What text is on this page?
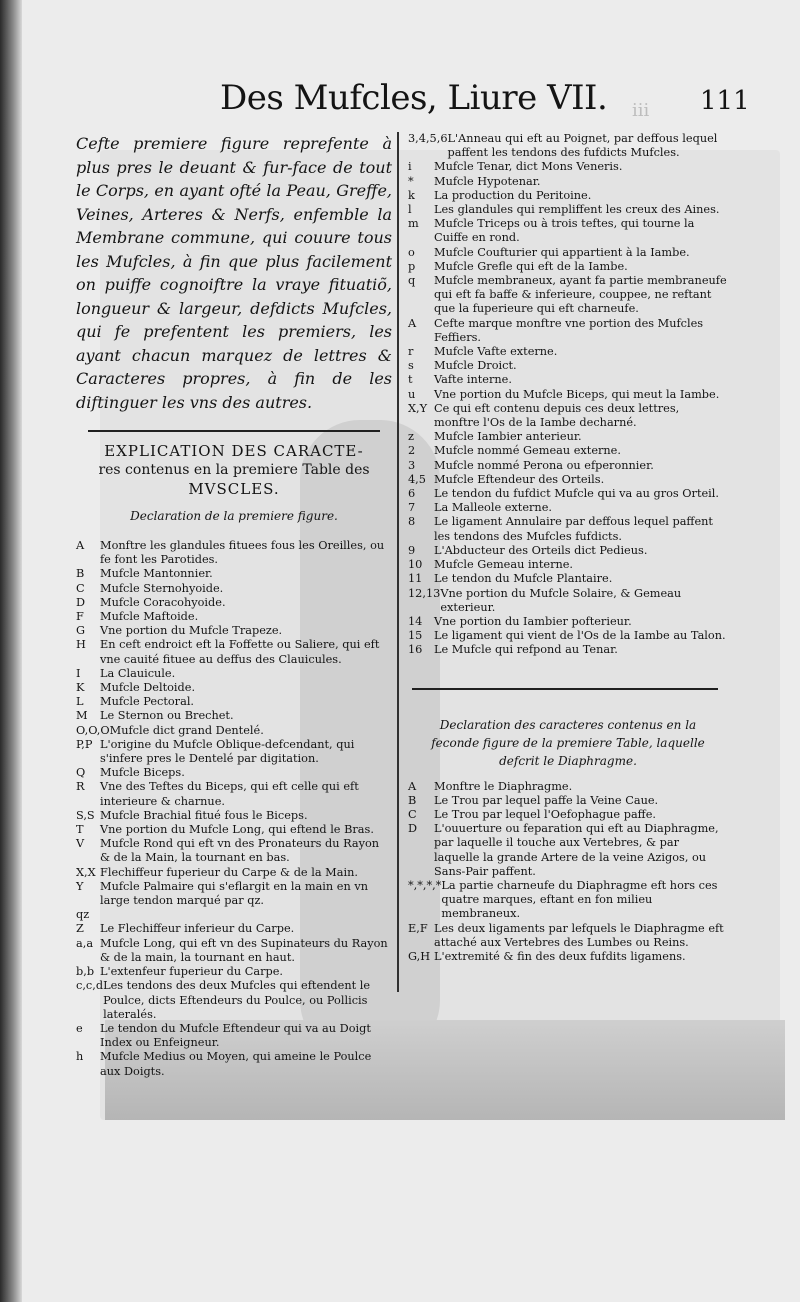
Des Mufcles, Liure VII. iii 111

Cefte premiere figure reprefente à plus pres le deuant & fur-face de tout le Corps, en ayant ofté la Peau, Greffe, Veines, Arteres & Nerfs, enfemble la Membrane commune, qui couure tous les Mufcles, à fin que plus facilement on puiffe cognoiftre la vraye fituatiõ, longueur & largeur, defdicts Mufcles, qui fe prefentent les premiers, les ayant chacun marquez de lettres & Caracteres propres, à fin de les diftinguer les vns des autres.

EXPLICATION DES CARACTE-
res contenus en la premiere Table des
MVSCLES.
Declaration de la premiere figure.
A	Monftre les glandules fituees fous les Oreilles, ou fe font les Parotides.
B	Mufcle Mantonnier.
C	Mufcle Sternohyoide.
D	Mufcle Coracohyoide.
F	Mufcle Maftoide.
G	Vne portion du Mufcle Trapeze.
H	En ceft endroict eft la Foffette ou Saliere, qui eft vne cauité fituee au deffus des Clauicules.
I	La Clauicule.
K	Mufcle Deltoide.
L	Mufcle Pectoral.
M	Le Sternon ou Brechet.
O,O,O Mufcle dict grand Dentelé.
P,P L'origine du Mufcle Oblique-defcendant, qui s'infere pres le Dentelé par digitation.
Q	Mufcle Biceps.
R	Vne des Teftes du Biceps, qui eft celle qui eft interieure & charnue.
S,S Mufcle Brachial fitué fous le Biceps.
T	Vne portion du Mufcle Long, qui eftend le Bras.
V	Mufcle Rond qui eft vn des Pronateurs du Rayon & de la Main, la tournant en bas.
X,X Flechiffeur fuperieur du Carpe & de la Main.
Y	Mufcle Palmaire qui s'eflargit en la main en vn large tendon marqué par qz.
qz
Z	Le Flechiffeur inferieur du Carpe.
a,a Mufcle Long, qui eft vn des Supinateurs du Rayon & de la main, la tournant en haut.
b,b L'extenfeur fuperieur du Carpe.
c,c,d Les tendons des deux Mufcles qui eftendent le Poulce, dicts Eftendeurs du Poulce, ou Pollicis lateralés.
e	Le tendon du Mufcle Eftendeur qui va au Doigt Index ou Enfeigneur.
h	Mufcle Medius ou Moyen, qui ameine le Poulce aux Doigts.
3,4,5,6 L'Anneau qui eft au Poignet, par deffous lequel paffent les tendons des fufdicts Mufcles.
i	Mufcle Tenar, dict Mons Veneris.
*	Mufcle Hypotenar.
k	La production du Peritoine.
l	Les glandules qui rempliffent les creux des Aines.
m	Mufcle Triceps ou à trois teftes, qui tourne la Cuiffe en rond.
o	Mufcle Coufturier qui appartient à la Iambe.
p	Mufcle Grefle qui eft de la Iambe.
q	Mufcle membraneux, ayant fa partie membraneufe qui eft fa baffe & inferieure, couppee, ne reftant que la fuperieure qui eft charneufe.
A	Cefte marque monftre vne portion des Mufcles Feffiers.
r	Mufcle Vafte externe.
s	Mufcle Droict.
t	Vafte interne.
u	Vne portion du Mufcle Biceps, qui meut la Iambe.
X,Y Ce qui eft contenu depuis ces deux lettres, monftre l'Os de la Iambe decharné.
z	Mufcle Iambier anterieur.
2	Mufcle nommé Gemeau externe.
3	Mufcle nommé Perona ou efperonnier.
4,5 Mufcle Eftendeur des Orteils.
6	Le tendon du fufdict Mufcle qui va au gros Orteil.
7	La Malleole externe.
8	Le ligament Annulaire par deffous lequel paffent les tendons des Mufcles fufdicts.
9	L'Abducteur des Orteils dict Pedieus.
10	Mufcle Gemeau interne.
11	Le tendon du Mufcle Plantaire.
12,13 Vne portion du Mufcle Solaire, & Gemeau exterieur.
14	Vne portion du Iambier pofterieur.
15	Le ligament qui vient de l'Os de la Iambe au Talon.
16	Le Mufcle qui refpond au Tenar.
Declaration des caracteres contenus en la feconde figure de la premiere Table, laquelle defcrit le Diaphragme.
A	Monftre le Diaphragme.
B	Le Trou par lequel paffe la Veine Caue.
C	Le Trou par lequel l'Oefophague paffe.
D	L'ouuerture ou feparation qui eft au Diaphragme, par laquelle il touche aux Vertebres, & par laquelle la grande Artere de la veine Azigos, ou Sans-Pair paffent.
*,*,*,* La partie charneufe du Diaphragme eft hors ces quatre marques, eftant en fon milieu membraneux.
E,F Les deux ligaments par lefquels le Diaphragme eft attaché aux Vertebres des Lumbes ou Reins.
G,H L'extremité & fin des deux fufdits ligamens.
